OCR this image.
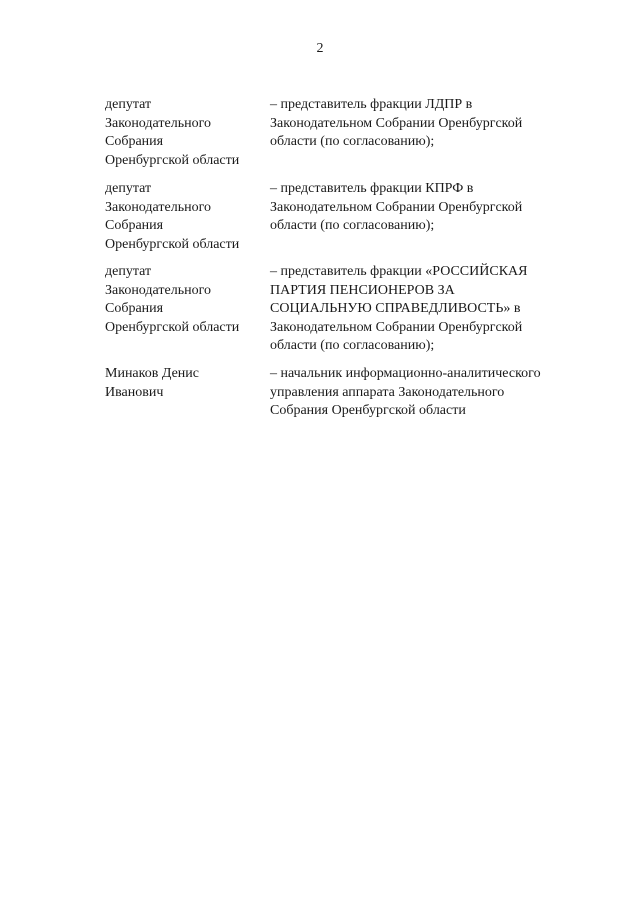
2
депутат
Законодательного
Собрания
Оренбургской области
– представитель фракции ЛДПР в
Законодательном Собрании Оренбургской
области (по согласованию);
депутат
Законодательного
Собрания
Оренбургской области
– представитель фракции КПРФ в
Законодательном Собрании Оренбургской
области (по согласованию);
депутат
Законодательного
Собрания
Оренбургской области
– представитель фракции «РОССИЙСКАЯ
ПАРТИЯ ПЕНСИОНЕРОВ ЗА
СОЦИАЛЬНУЮ СПРАВЕДЛИВОСТЬ» в
Законодательном Собрании Оренбургской
области (по согласованию);
Минаков Денис
Иванович
– начальник информационно-аналитического
управления аппарата Законодательного
Собрания Оренбургской области
